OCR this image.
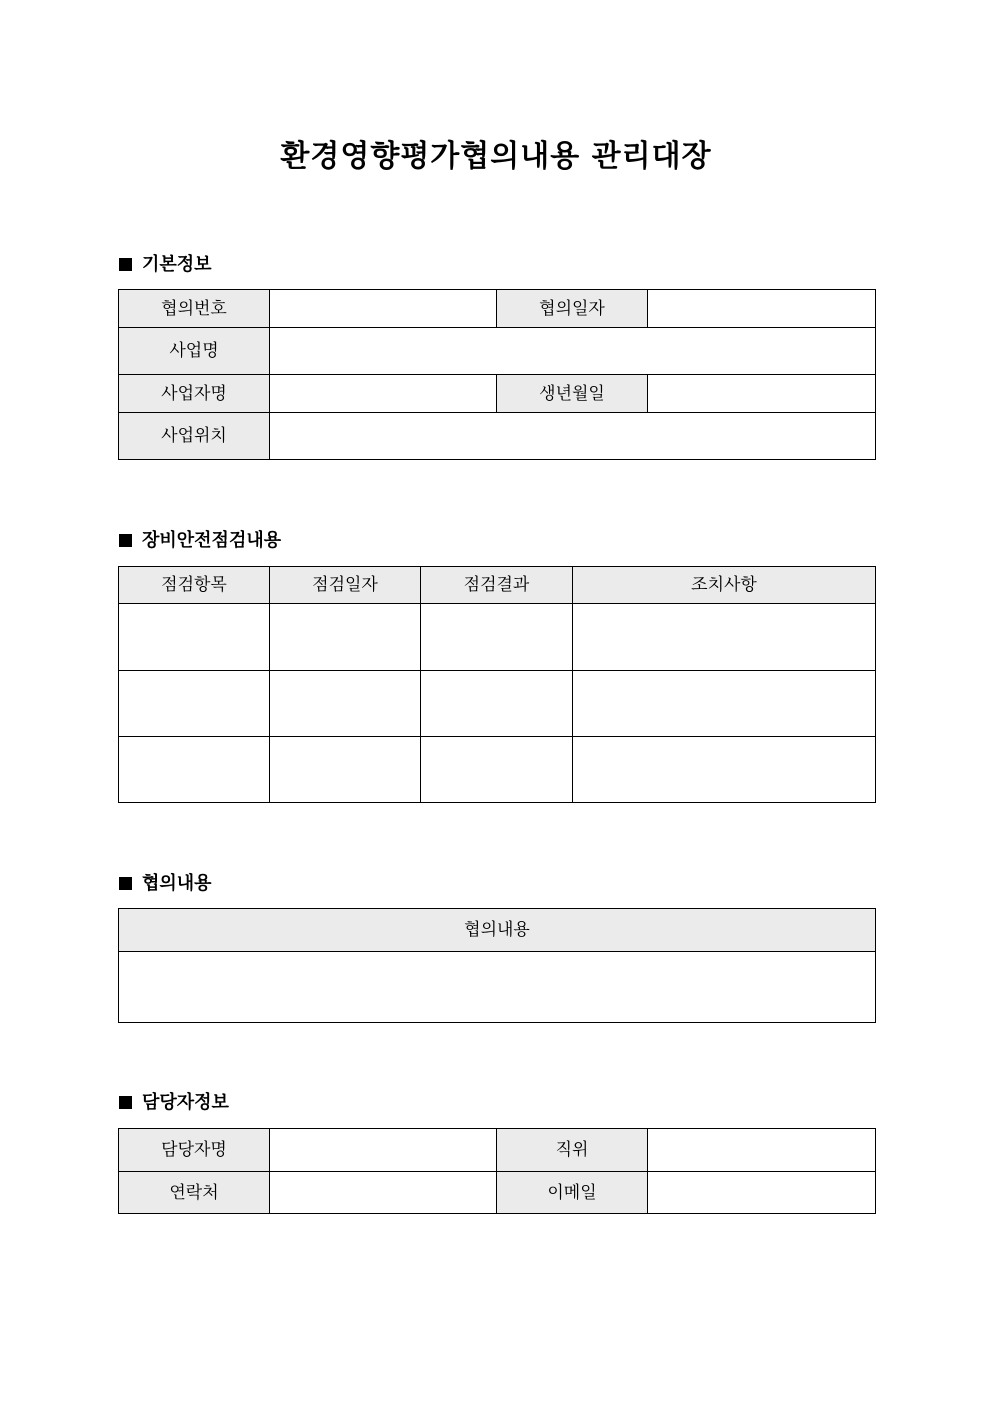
환경영향평가협의내용 관리대장
기본정보
협의번호		협의일자	
사업명			
사업자명		생년월일	
사업위치			
장비안전점검내용
점검항목	점검일자	점검결과	조치사항

협의내용
협의내용

담당자정보
담당자명		직위	
연락처		이메일	
